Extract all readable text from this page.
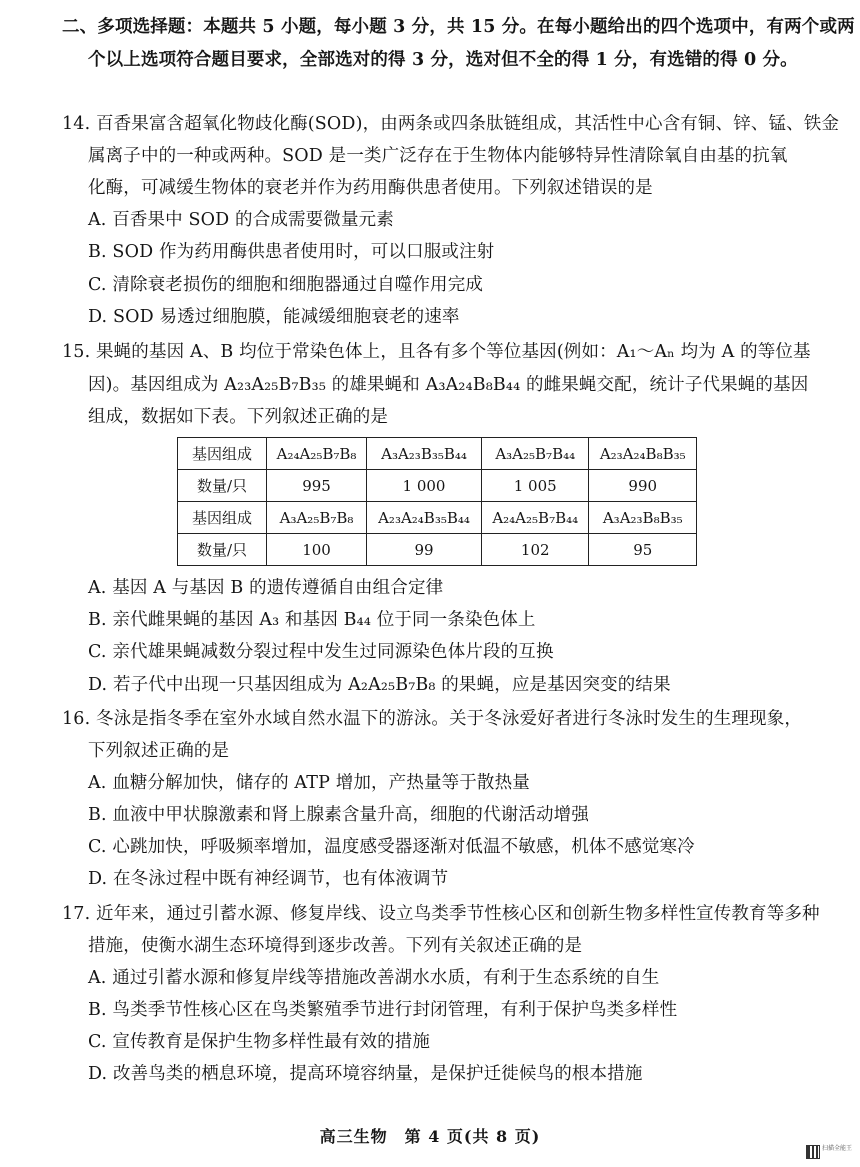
二、多项选择题：本题共 5 小题，每小题 3 分，共 15 分。在每小题给出的四个选项中，有两个或两
个以上选项符合题目要求，全部选对的得 3 分，选对但不全的得 1 分，有选错的得 0 分。
14. 百香果富含超氧化物歧化酶(SOD)，由两条或四条肽链组成，其活性中心含有铜、锌、锰、铁金
属离子中的一种或两种。SOD 是一类广泛存在于生物体内能够特异性清除氧自由基的抗氧
化酶，可减缓生物体的衰老并作为药用酶供患者使用。下列叙述错误的是
A. 百香果中 SOD 的合成需要微量元素
B. SOD 作为药用酶供患者使用时，可以口服或注射
C. 清除衰老损伤的细胞和细胞器通过自噬作用完成
D. SOD 易透过细胞膜，能减缓细胞衰老的速率
15. 果蝇的基因 A、B 均位于常染色体上，且各有多个等位基因(例如：A₁～Aₙ 均为 A 的等位基
因)。基因组成为 A₂₃A₂₅B₇B₃₅ 的雄果蝇和 A₃A₂₄B₈B₄₄ 的雌果蝇交配，统计子代果蝇的基因
组成，数据如下表。下列叙述正确的是
基因组成	A₂₄A₂₅B₇B₈	A₃A₂₃B₃₅B₄₄	A₃A₂₅B₇B₄₄	A₂₃A₂₄B₈B₃₅
数量/只	995	1 000	1 005	990
基因组成	A₃A₂₅B₇B₈	A₂₃A₂₄B₃₅B₄₄	A₂₄A₂₅B₇B₄₄	A₃A₂₃B₈B₃₅
数量/只	100	99	102	95
A. 基因 A 与基因 B 的遗传遵循自由组合定律
B. 亲代雌果蝇的基因 A₃ 和基因 B₄₄ 位于同一条染色体上
C. 亲代雄果蝇减数分裂过程中发生过同源染色体片段的互换
D. 若子代中出现一只基因组成为 A₂A₂₅B₇B₈ 的果蝇，应是基因突变的结果
16. 冬泳是指冬季在室外水域自然水温下的游泳。关于冬泳爱好者进行冬泳时发生的生理现象，
下列叙述正确的是
A. 血糖分解加快，储存的 ATP 增加，产热量等于散热量
B. 血液中甲状腺激素和肾上腺素含量升高，细胞的代谢活动增强
C. 心跳加快，呼吸频率增加，温度感受器逐渐对低温不敏感，机体不感觉寒冷
D. 在冬泳过程中既有神经调节，也有体液调节
17. 近年来，通过引蓄水源、修复岸线、设立鸟类季节性核心区和创新生物多样性宣传教育等多种
措施，使衡水湖生态环境得到逐步改善。下列有关叙述正确的是
A. 通过引蓄水源和修复岸线等措施改善湖水水质，有利于生态系统的自生
B. 鸟类季节性核心区在鸟类繁殖季节进行封闭管理，有利于保护鸟类多样性
C. 宣传教育是保护生物多样性最有效的措施
D. 改善鸟类的栖息环境，提高环境容纳量，是保护迁徙候鸟的根本措施
高三生物　第 4 页(共 8 页)
扫描全能王
